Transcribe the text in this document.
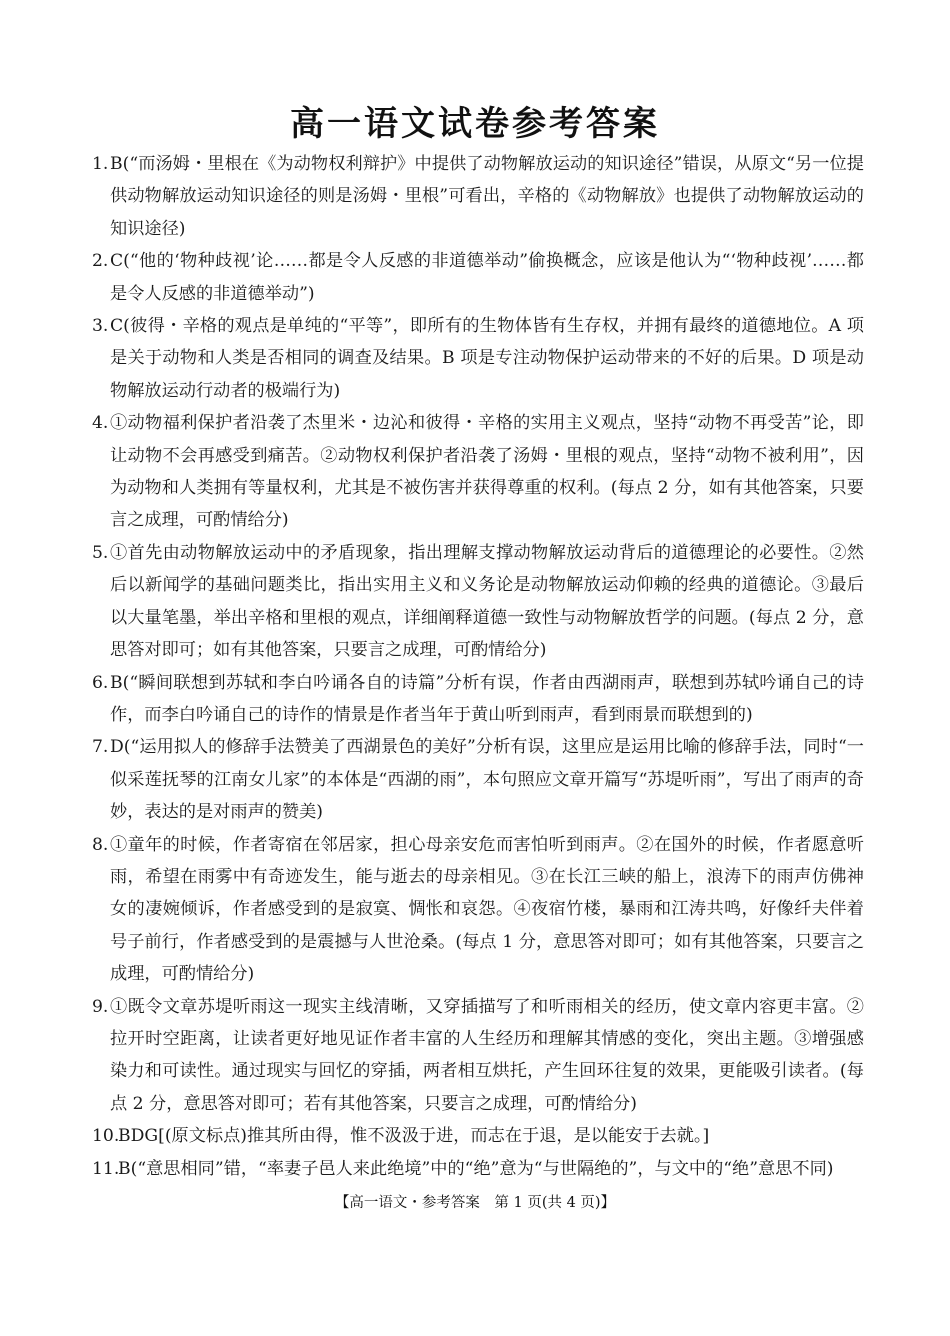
高一语文试卷参考答案
1. B(“而汤姆・里根在《为动物权利辩护》中提供了动物解放运动的知识途径”错误，从原文“另一位提供动物解放运动知识途径的则是汤姆・里根”可看出，辛格的《动物解放》也提供了动物解放运动的知识途径)
2. C(“他的‘物种歧视’论……都是令人反感的非道德举动”偷换概念，应该是他认为“‘物种歧视’……都是令人反感的非道德举动”)
3. C(彼得・辛格的观点是单纯的“平等”，即所有的生物体皆有生存权，并拥有最终的道德地位。A 项是关于动物和人类是否相同的调查及结果。B 项是专注动物保护运动带来的不好的后果。D 项是动物解放运动行动者的极端行为)
4. ①动物福利保护者沿袭了杰里米・边沁和彼得・辛格的实用主义观点，坚持“动物不再受苦”论，即让动物不会再感受到痛苦。②动物权利保护者沿袭了汤姆・里根的观点，坚持“动物不被利用”，因为动物和人类拥有等量权利，尤其是不被伤害并获得尊重的权利。(每点 2 分，如有其他答案，只要言之成理，可酌情给分)
5. ①首先由动物解放运动中的矛盾现象，指出理解支撑动物解放运动背后的道德理论的必要性。②然后以新闻学的基础问题类比，指出实用主义和义务论是动物解放运动仰赖的经典的道德论。③最后以大量笔墨，举出辛格和里根的观点，详细阐释道德一致性与动物解放哲学的问题。(每点 2 分，意思答对即可；如有其他答案，只要言之成理，可酌情给分)
6. B(“瞬间联想到苏轼和李白吟诵各自的诗篇”分析有误，作者由西湖雨声，联想到苏轼吟诵自己的诗作，而李白吟诵自己的诗作的情景是作者当年于黄山听到雨声，看到雨景而联想到的)
7. D(“运用拟人的修辞手法赞美了西湖景色的美好”分析有误，这里应是运用比喻的修辞手法，同时“一似采莲抚琴的江南女儿家”的本体是“西湖的雨”，本句照应文章开篇写“苏堤听雨”，写出了雨声的奇妙，表达的是对雨声的赞美)
8. ①童年的时候，作者寄宿在邻居家，担心母亲安危而害怕听到雨声。②在国外的时候，作者愿意听雨，希望在雨雾中有奇迹发生，能与逝去的母亲相见。③在长江三峡的船上，浪涛下的雨声仿佛神女的凄婉倾诉，作者感受到的是寂寞、惆怅和哀怨。④夜宿竹楼，暴雨和江涛共鸣，好像纤夫伴着号子前行，作者感受到的是震撼与人世沧桑。(每点 1 分，意思答对即可；如有其他答案，只要言之成理，可酌情给分)
9. ①既令文章苏堤听雨这一现实主线清晰，又穿插描写了和听雨相关的经历，使文章内容更丰富。②拉开时空距离，让读者更好地见证作者丰富的人生经历和理解其情感的变化，突出主题。③增强感染力和可读性。通过现实与回忆的穿插，两者相互烘托，产生回环往复的效果，更能吸引读者。(每点 2 分，意思答对即可；若有其他答案，只要言之成理，可酌情给分)
10.
BDG[(原文标点)推其所由得，惟不汲汲于进，而志在于退，是以能安于去就。]
11.
B(“意思相同”错，“率妻子邑人来此绝境”中的“绝”意为“与世隔绝的”，与文中的“绝”意思不同)
【高一语文・参考答案　第 1 页(共 4 页)】
